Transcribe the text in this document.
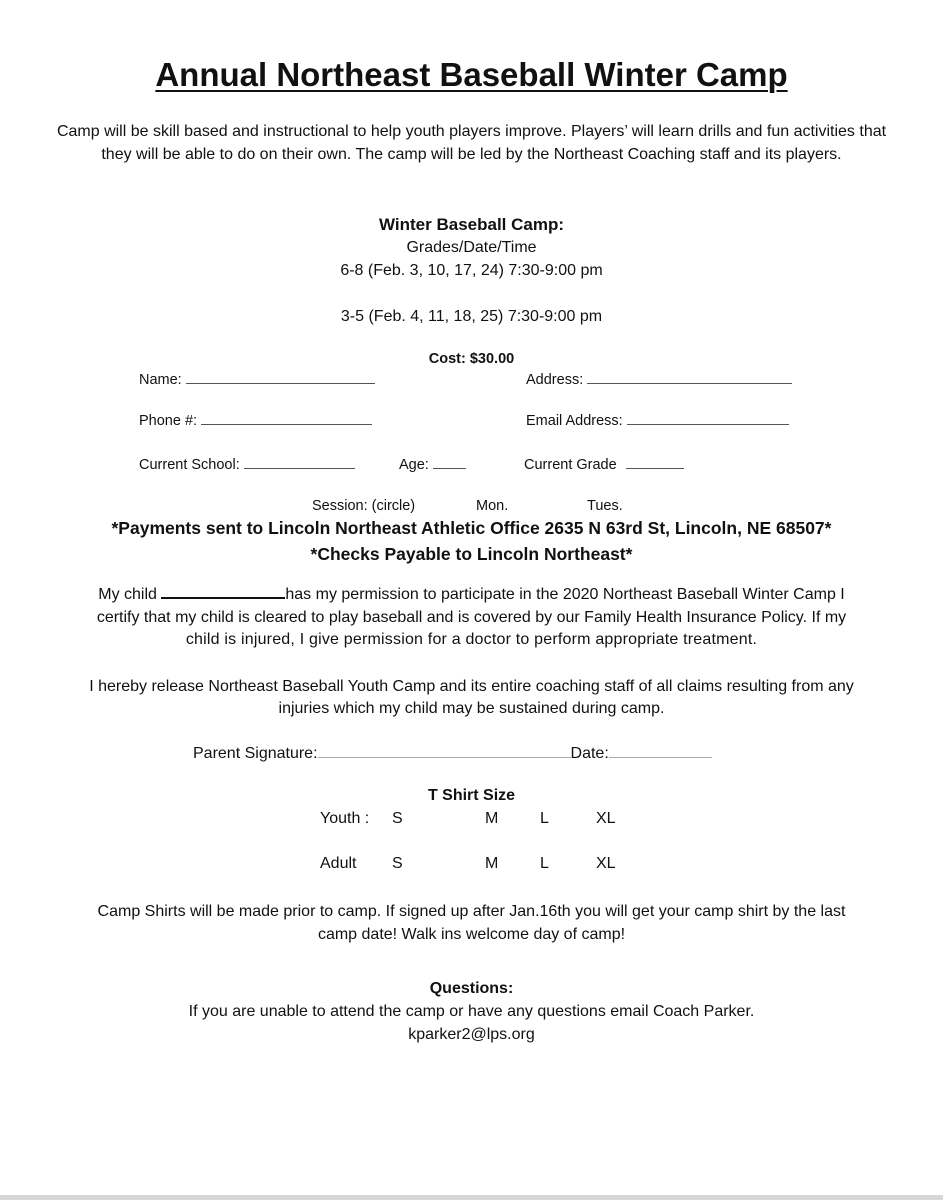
Annual Northeast Baseball Winter Camp
Camp will be skill based and instructional to help youth players improve. Players’ will learn drills and fun activities that they will be able to do on their own. The camp will be led by the Northeast Coaching staff and its players.
Winter Baseball Camp:
Grades/Date/Time
6-8 (Feb. 3, 10, 17, 24) 7:30-9:00 pm
3-5 (Feb. 4, 11, 18, 25) 7:30-9:00 pm
Cost: $30.00
Name:	Address:
Phone #:	Email Address:
Current School:	Age:	Current Grade
Session: (circle)	Mon.	Tues.
*Payments sent to Lincoln Northeast Athletic Office 2635 N 63rd St, Lincoln, NE 68507*
*Checks Payable to Lincoln Northeast*
My child	has my permission to participate in the 2020 Northeast Baseball Winter Camp I
certify that my child is cleared to play baseball and is covered by our Family Health Insurance Policy. If my
child is injured, I give permission for a doctor to perform appropriate treatment.
I hereby release Northeast Baseball Youth Camp and its entire coaching staff of all claims resulting from any
injuries which my child may be sustained during camp.
Parent Signature:	Date:
T Shirt Size
Youth : S	M	L	XL
Adult S	M	L	XL
Camp Shirts will be made prior to camp. If signed up after Jan.16th you will get your camp shirt by the last
camp date! Walk ins welcome day of camp!
Questions:
If you are unable to attend the camp or have any questions email Coach Parker.
kparker2@lps.org
